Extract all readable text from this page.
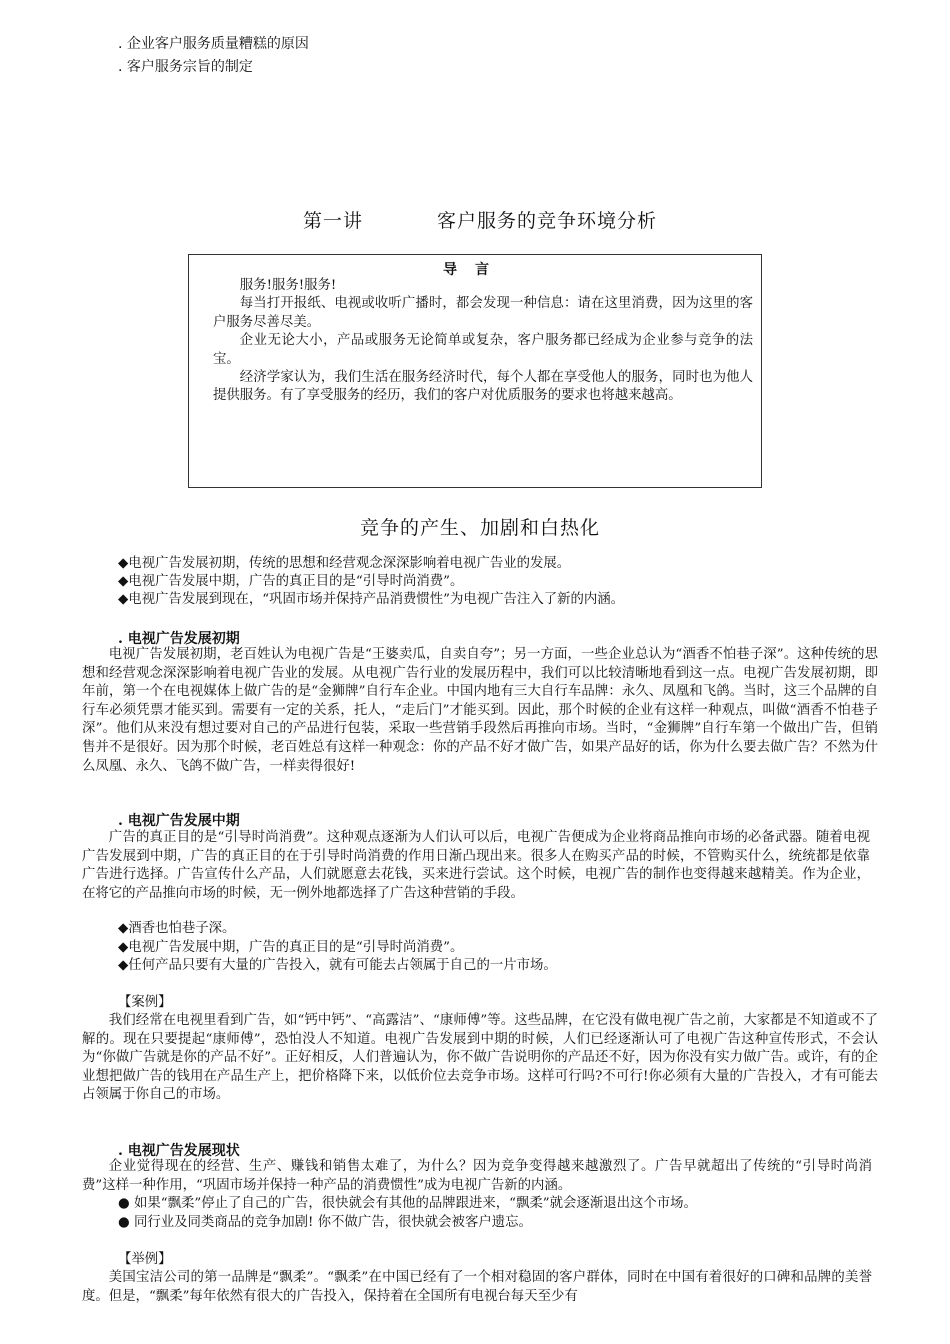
. 企业客户服务质量糟糕的原因
. 客户服务宗旨的制定
第一讲	客户服务的竞争环境分析
导言

服务!服务!服务!

每当打开报纸、电视或收听广播时，都会发现一种信息：请在这里消费，因为这里的客户服务尽善尽美。

企业无论大小，产品或服务无论简单或复杂，客户服务都已经成为企业参与竞争的法宝。

经济学家认为，我们生活在服务经济时代，每个人都在享受他人的服务，同时也为他人提供服务。有了享受服务的经历，我们的客户对优质服务的要求也将越来越高。

竞争的产生、加剧和白热化
◆电视广告发展初期，传统的思想和经营观念深深影响着电视广告业的发展。
◆电视广告发展中期，广告的真正目的是“引导时尚消费”。
◆电视广告发展到现在，“巩固市场并保持产品消费惯性”为电视广告注入了新的内涵。
. 电视广告发展初期

电视广告发展初期，老百姓认为电视广告是“王婆卖瓜，自卖自夸”；另一方面，一些企业总认为“酒香不怕巷子深”。这种传统的思想和经营观念深深影响着电视广告业的发展。从电视广告行业的发展历程中，我们可以比较清晰地看到这一点。电视广告发展初期，即年前，第一个在电视媒体上做广告的是“金狮牌”自行车企业。中国内地有三大自行车品牌：永久、凤凰和飞鸽。当时，这三个品牌的自行车必须凭票才能买到。需要有一定的关系，托人，“走后门”才能买到。因此，那个时候的企业有这样一种观点，叫做“酒香不怕巷子深”。他们从来没有想过要对自己的产品进行包装，采取一些营销手段然后再推向市场。当时，“金狮牌”自行车第一个做出广告，但销售并不是很好。因为那个时候，老百姓总有这样一种观念：你的产品不好才做广告，如果产品好的话，你为什么要去做广告？不然为什么凤凰、永久、飞鸽不做广告，一样卖得很好!

. 电视广告发展中期

广告的真正目的是“引导时尚消费”。这种观点逐渐为人们认可以后，电视广告便成为企业将商品推向市场的必备武器。随着电视广告发展到中期，广告的真正目的在于引导时尚消费的作用日渐凸现出来。很多人在购买产品的时候，不管购买什么，统统都是依靠广告进行选择。广告宣传什么产品，人们就愿意去花钱，买来进行尝试。这个时候，电视广告的制作也变得越来越精美。作为企业，在将它的产品推向市场的时候，无一例外地都选择了广告这种营销的手段。

◆酒香也怕巷子深。
◆电视广告发展中期，广告的真正目的是“引导时尚消费”。
◆任何产品只要有大量的广告投入，就有可能去占领属于自己的一片市场。
【案例】

我们经常在电视里看到广告，如“钙中钙”、“高露洁”、“康师傅”等。这些品牌，在它没有做电视广告之前，大家都是不知道或不了解的。现在只要提起“康师傅”，恐怕没人不知道。电视广告发展到中期的时候，人们已经逐渐认可了电视广告这种宣传形式，不会认为“你做广告就是你的产品不好”。正好相反，人们普遍认为，你不做广告说明你的产品还不好，因为你没有实力做广告。或许，有的企业想把做广告的钱用在产品生产上，把价格降下来，以低价位去竞争市场。这样可行吗?不可行!你必须有大量的广告投入，才有可能去占领属于你自己的市场。

. 电视广告发展现状

企业觉得现在的经营、生产、赚钱和销售太难了，为什么？因为竞争变得越来越激烈了。广告早就超出了传统的“引导时尚消费”这样一种作用，“巩固市场并保持一种产品的消费惯性”成为电视广告新的内涵。

● 如果“飘柔”停止了自己的广告，很快就会有其他的品牌跟进来，“飘柔”就会逐渐退出这个市场。
● 同行业及同类商品的竞争加剧! 你不做广告，很快就会被客户遗忘。
【举例】

美国宝洁公司的第一品牌是“飘柔”。“飘柔”在中国已经有了一个相对稳固的客户群体，同时在中国有着很好的口碑和品牌的美誉度。但是，“飘柔”每年依然有很大的广告投入，保持着在全国所有电视台每天至少有
